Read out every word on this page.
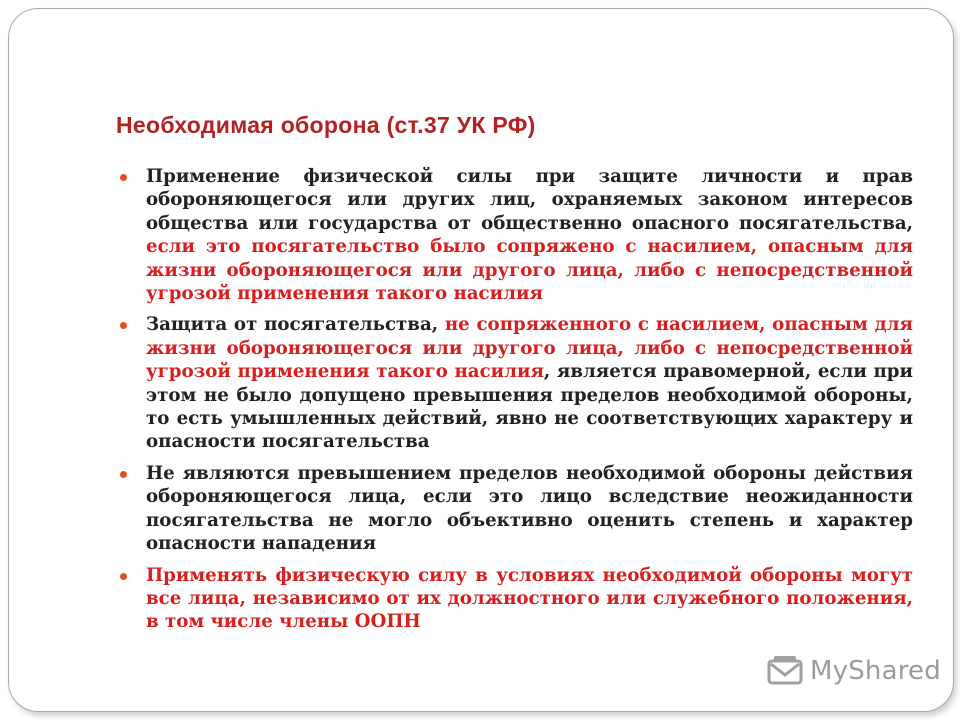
Необходимая оборона (ст.37 УК РФ)
Применение физической силы при защите личности и прав обороняющегося или других лиц, охраняемых законом интересов общества или государства от общественно опасного посягательства, если это посягательство было сопряжено с насилием, опасным для жизни обороняющегося или другого лица, либо с непосредственной угрозой применения такого насилия
Защита от посягательства, не сопряженного с насилием, опасным для жизни обороняющегося или другого лица, либо с непосредственной угрозой применения такого насилия, является правомерной, если при этом не было допущено превышения пределов необходимой обороны, то есть умышленных действий, явно не соответствующих характеру и опасности посягательства
Не являются превышением пределов необходимой обороны действия обороняющегося лица, если это лицо вследствие неожиданности посягательства не могло объективно оценить степень и характер опасности нападения
Применять физическую силу в условиях необходимой обороны могут все лица, независимо от их должностного или служебного положения, в том числе члены ООПН
MyShared
